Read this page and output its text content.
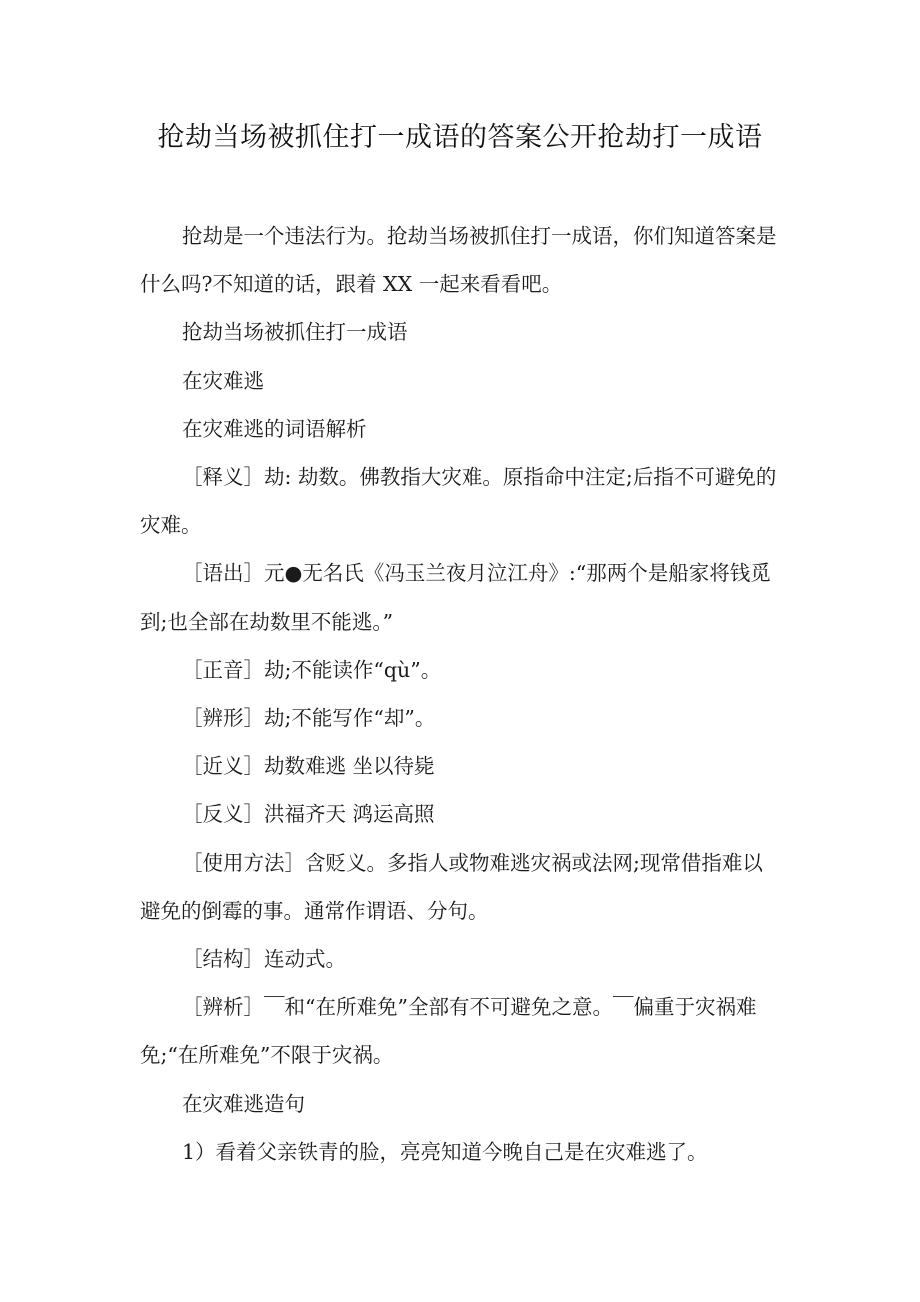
抢劫当场被抓住打一成语的答案公开抢劫打一成语

抢劫是一个违法行为。抢劫当场被抓住打一成语，你们知道答案是什么吗?不知道的话，跟着 XX 一起来看看吧。

抢劫当场被抓住打一成语

在灾难逃

在灾难逃的词语解析

［释义］劫: 劫数。佛教指大灾难。原指命中注定;后指不可避免的灾难。

［语出］元●无名氏《冯玉兰夜月泣江舟》:“那两个是船家将钱觅到;也全部在劫数里不能逃。”

［正音］劫;不能读作“qù”。

［辨形］劫;不能写作“却”。

［近义］劫数难逃 坐以待毙

［反义］洪福齐天 鸿运高照

［使用方法］含贬义。多指人或物难逃灾祸或法网;现常借指难以避免的倒霉的事。通常作谓语、分句。

［结构］连动式。

［辨析］￣和“在所难免”全部有不可避免之意。￣偏重于灾祸难免;“在所难免”不限于灾祸。

在灾难逃造句

1）看着父亲铁青的脸，亮亮知道今晚自己是在灾难逃了。
